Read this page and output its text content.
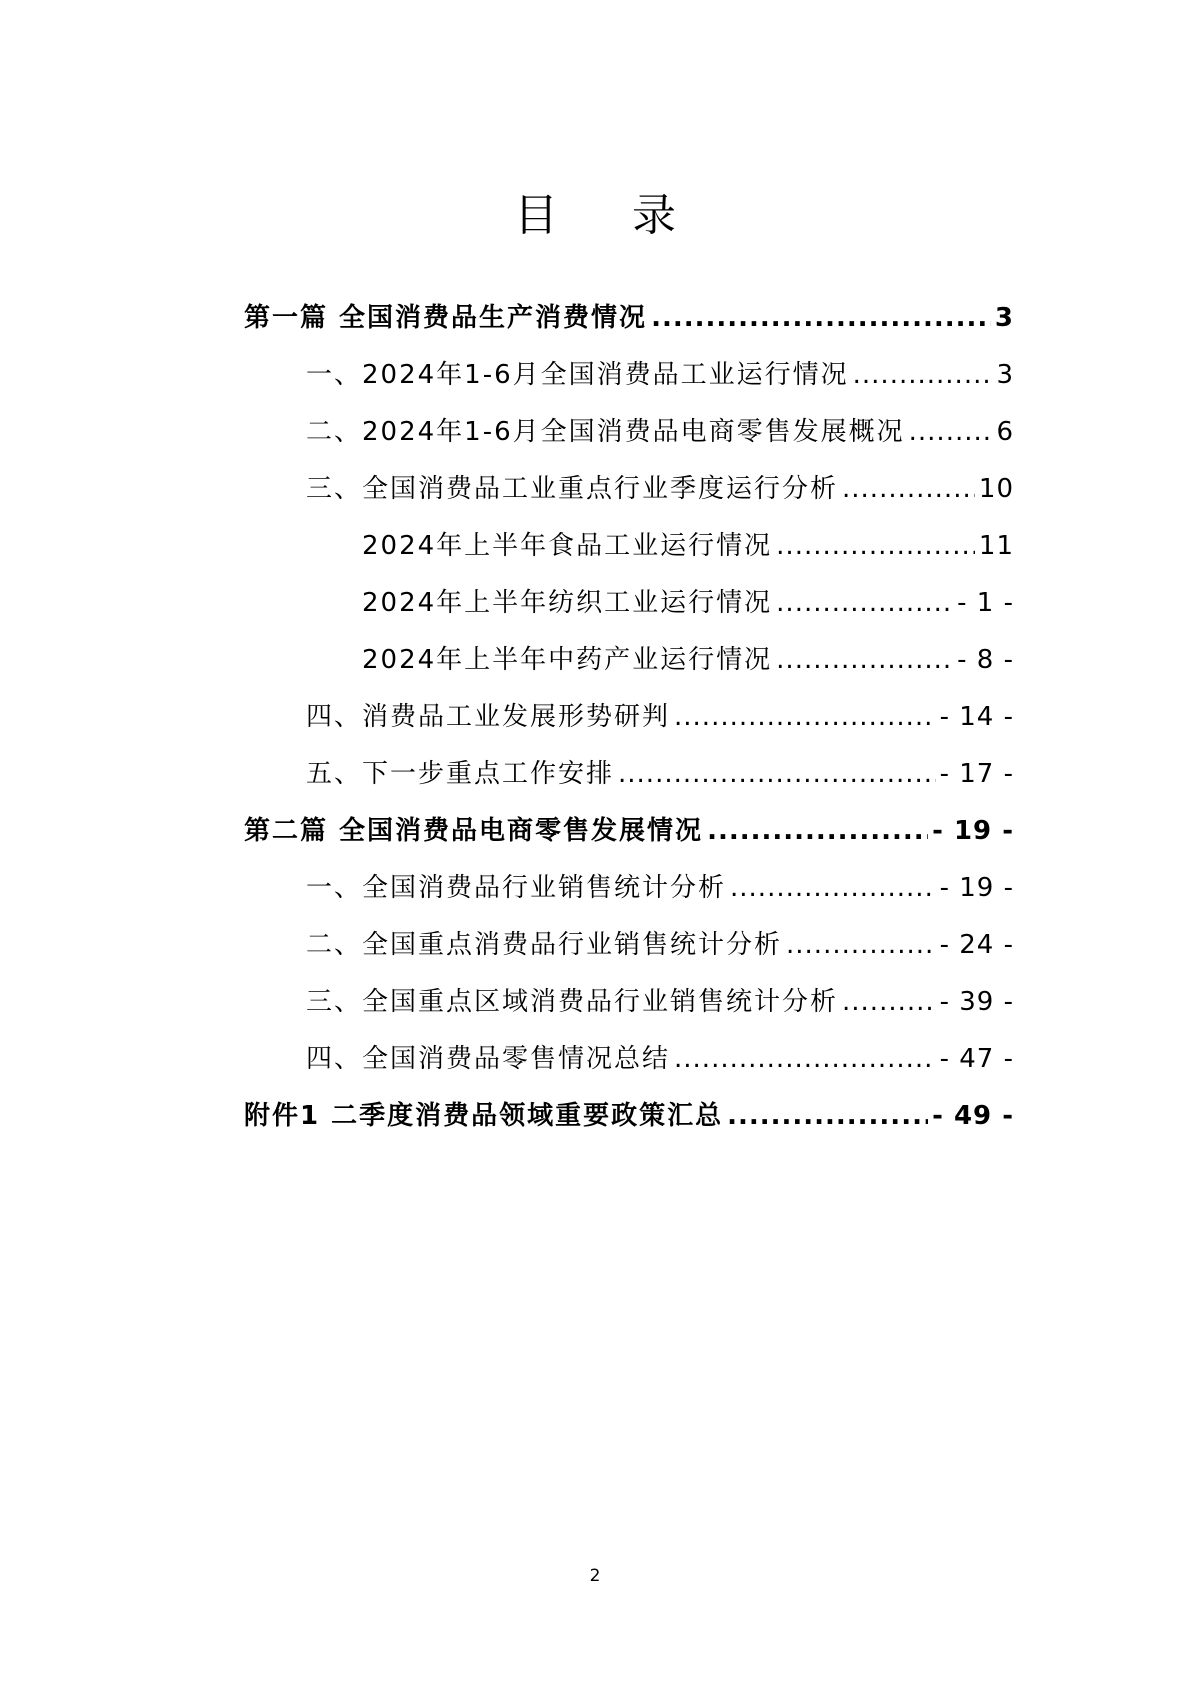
目 录
第一篇 全国消费品生产消费情况 .....	3
一、2024年1-6月全国消费品工业运行情况 .....	3
二、2024年1-6月全国消费品电商零售发展概况 .....	6
三、全国消费品工业重点行业季度运行分析 .....	10
2024年上半年食品工业运行情况 .....	11
2024年上半年纺织工业运行情况 .....	- 1 -
2024年上半年中药产业运行情况 .....	- 8 -
四、消费品工业发展形势研判 .....	- 14 -
五、下一步重点工作安排 .....	- 17 -
第二篇 全国消费品电商零售发展情况 .....	- 19 -
一、全国消费品行业销售统计分析 .....	- 19 -
二、全国重点消费品行业销售统计分析 .....	- 24 -
三、全国重点区域消费品行业销售统计分析 .....	- 39 -
四、全国消费品零售情况总结 .....	- 47 -
附件1 二季度消费品领域重要政策汇总 .....	- 49 -
2
